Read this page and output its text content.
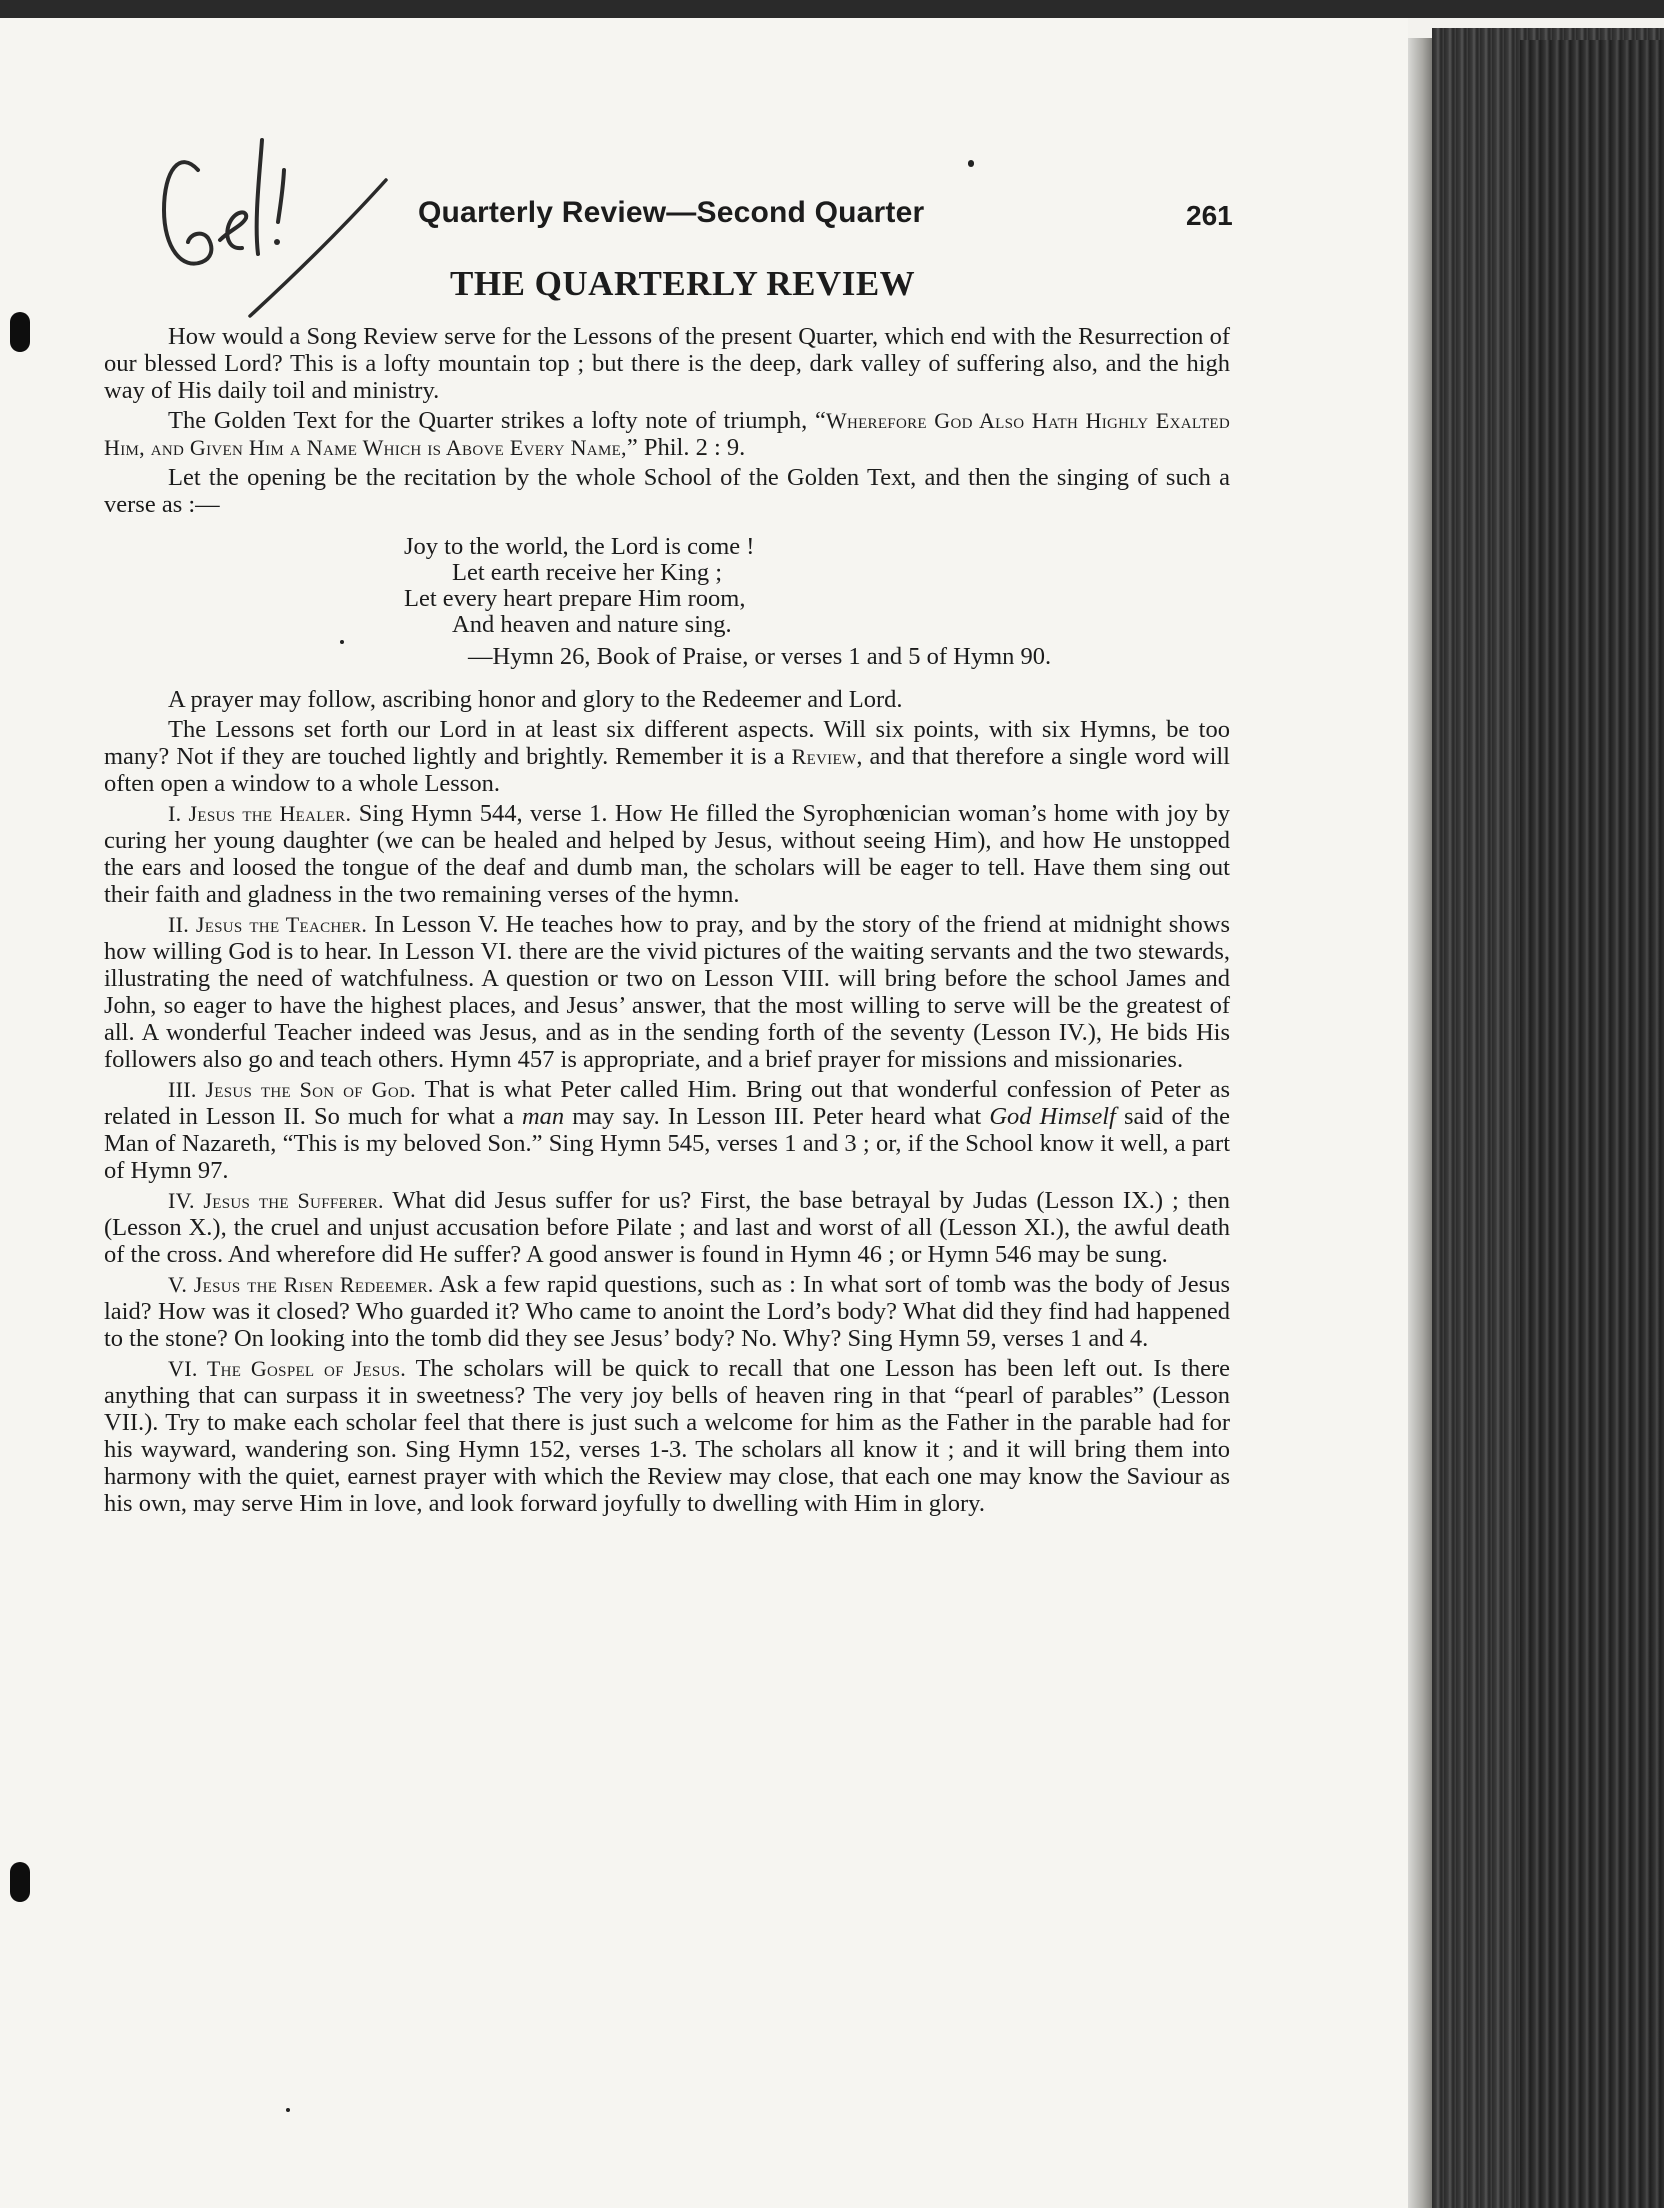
Quarterly Review—Second Quarter	261
THE QUARTERLY REVIEW

How would a Song Review serve for the Lessons of the present Quarter, which end with the Resurrection of our blessed Lord? This is a lofty mountain top ; but there is the deep, dark valley of suffering also, and the high way of His daily toil and ministry.

The Golden Text for the Quarter strikes a lofty note of triumph, “Wherefore God Also Hath Highly Exalted Him, and Given Him a Name Which is Above Every Name,” Phil. 2 : 9.

Let the opening be the recitation by the whole School of the Golden Text, and then the singing of such a verse as :—

Joy to the world, the Lord is come !
Let earth receive her King ;
Let every heart prepare Him room,
And heaven and nature sing.
—Hymn 26, Book of Praise, or verses 1 and 5 of Hymn 90.

A prayer may follow, ascribing honor and glory to the Redeemer and Lord.

The Lessons set forth our Lord in at least six different aspects. Will six points, with six Hymns, be too many? Not if they are touched lightly and brightly. Remember it is a Review, and that therefore a single word will often open a window to a whole Lesson.

I. Jesus the Healer. Sing Hymn 544, verse 1. How He filled the Syrophœnician woman’s home with joy by curing her young daughter (we can be healed and helped by Jesus, without seeing Him), and how He unstopped the ears and loosed the tongue of the deaf and dumb man, the scholars will be eager to tell. Have them sing out their faith and gladness in the two remaining verses of the hymn.

II. Jesus the Teacher. In Lesson V. He teaches how to pray, and by the story of the friend at midnight shows how willing God is to hear. In Lesson VI. there are the vivid pictures of the waiting servants and the two stewards, illustrating the need of watchfulness. A question or two on Lesson VIII. will bring before the school James and John, so eager to have the highest places, and Jesus’ answer, that the most willing to serve will be the greatest of all. A wonderful Teacher indeed was Jesus, and as in the sending forth of the seventy (Lesson IV.), He bids His followers also go and teach others. Hymn 457 is appropriate, and a brief prayer for missions and missionaries.

III. Jesus the Son of God. That is what Peter called Him. Bring out that wonderful confession of Peter as related in Lesson II. So much for what a man may say. In Lesson III. Peter heard what God Himself said of the Man of Nazareth, “This is my beloved Son.” Sing Hymn 545, verses 1 and 3 ; or, if the School know it well, a part of Hymn 97.

IV. Jesus the Sufferer. What did Jesus suffer for us? First, the base betrayal by Judas (Lesson IX.) ; then (Lesson X.), the cruel and unjust accusation before Pilate ; and last and worst of all (Lesson XI.), the awful death of the cross. And wherefore did He suffer? A good answer is found in Hymn 46 ; or Hymn 546 may be sung.

V. Jesus the Risen Redeemer. Ask a few rapid questions, such as : In what sort of tomb was the body of Jesus laid? How was it closed? Who guarded it? Who came to anoint the Lord’s body? What did they find had happened to the stone? On looking into the tomb did they see Jesus’ body? No. Why? Sing Hymn 59, verses 1 and 4.

VI. The Gospel of Jesus. The scholars will be quick to recall that one Lesson has been left out. Is there anything that can surpass it in sweetness? The very joy bells of heaven ring in that “pearl of parables” (Lesson VII.). Try to make each scholar feel that there is just such a welcome for him as the Father in the parable had for his wayward, wandering son. Sing Hymn 152, verses 1-3. The scholars all know it ; and it will bring them into harmony with the quiet, earnest prayer with which the Review may close, that each one may know the Saviour as his own, may serve Him in love, and look forward joyfully to dwelling with Him in glory.
